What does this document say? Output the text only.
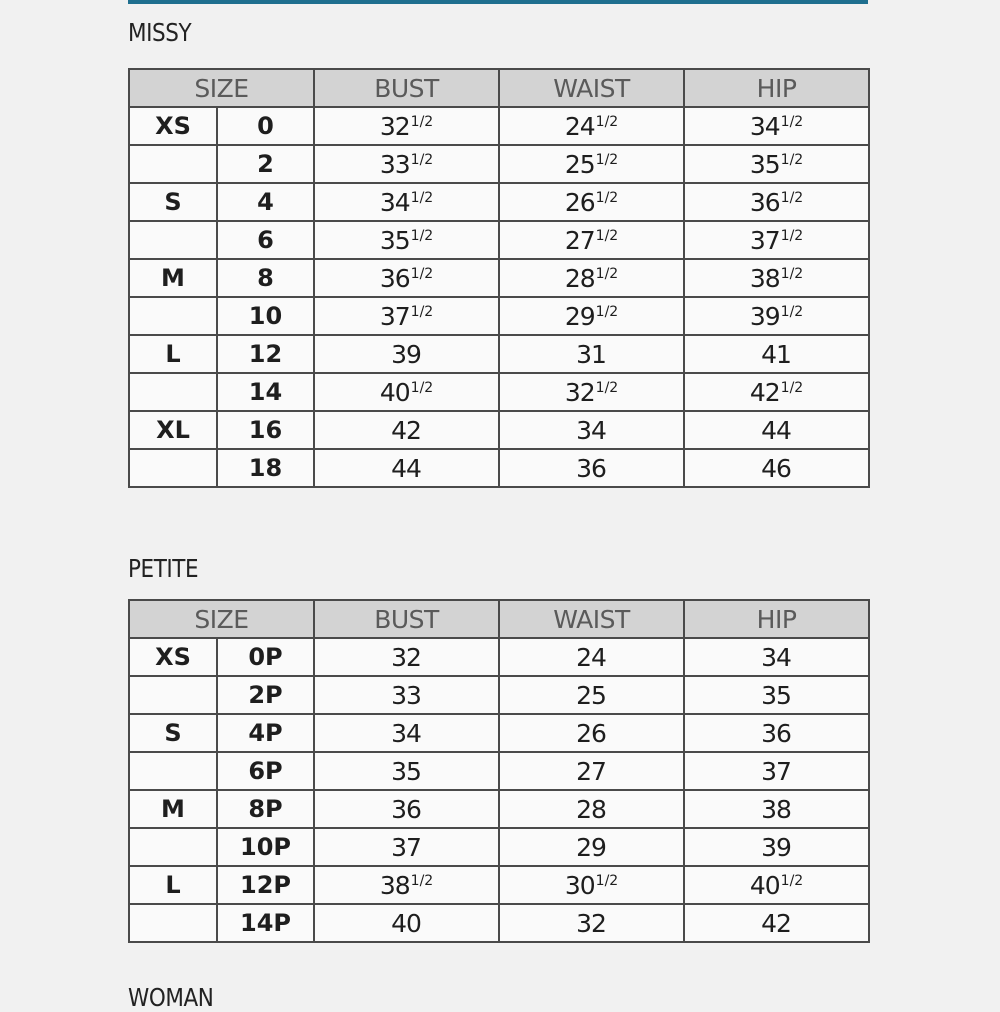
MISSY
SIZE		BUST	WAIST	HIP
XS	0	$32^{1/2}$	$24^{1/2}$	$34^{1/2}$
	2	$33^{1/2}$	$25^{1/2}$	$35^{1/2}$
S	4	$34^{1/2}$	$26^{1/2}$	$36^{1/2}$
	6	$35^{1/2}$	$27^{1/2}$	$37^{1/2}$
M	8	$36^{1/2}$	$28^{1/2}$	$38^{1/2}$
	10	$37^{1/2}$	$29^{1/2}$	$39^{1/2}$
L	12	39	31	41
	14	$40^{1/2}$	$32^{1/2}$	$42^{1/2}$
XL	16	42	34	44
	18	44	36	46
PETITE
SIZE		BUST	WAIST	HIP
XS	0P	32	24	34
	2P	33	25	35
S	4P	34	26	36
	6P	35	27	37
M	8P	36	28	38
	10P	37	29	39
L	12P	$38^{1/2}$	$30^{1/2}$	$40^{1/2}$
	14P	40	32	42
WOMAN
